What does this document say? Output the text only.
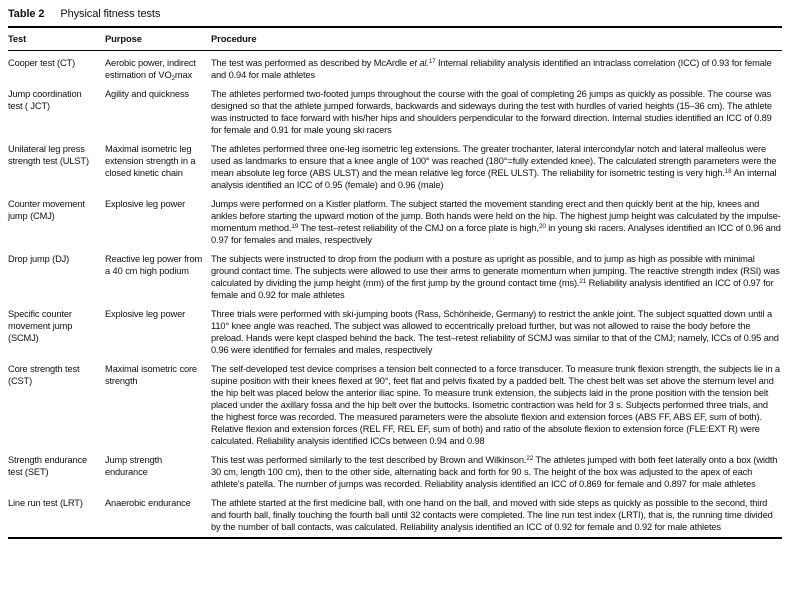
Table 2 Physical fitness tests
Test	Purpose	Procedure
Cooper test (CT)	Aerobic power, indirect estimation of $VO_2\max$	The test was performed as described by McArdle et al.$^{17}$ Internal reliability analysis identified an intraclass correlation (ICC) of 0.93 for female and 0.94 for male athletes
Jump coordination test ( JCT)	Agility and quickness	The athletes performed two-footed jumps throughout the course with the goal of completing 26 jumps as quickly as possible. The course was designed so that the athlete jumped forwards, backwards and sideways during the test with hurdles of varied heights (15–36 cm). The athlete was instructed to face forward with his/her hips and shoulders perpendicular to the forward direction. Internal studies identified an ICC of 0.89 for female and 0.91 for male young ski racers
Unilateral leg press strength test (ULST)	Maximal isometric leg extension strength in a closed kinetic chain	The athletes performed three one-leg isometric leg extensions. The greater trochanter, lateral intercondylar notch and lateral malleolus were used as landmarks to ensure that a knee angle of 100° was reached (180°=fully extended knee). The calculated strength parameters were the mean absolute leg force (ABS ULST) and the mean relative leg force (REL ULST). The reliability for isometric testing is very high.$^{18}$ An internal analysis identified an ICC of 0.95 (female) and 0.96 (male)
Counter movement jump (CMJ)	Explosive leg power	Jumps were performed on a Kistler platform. The subject started the movement standing erect and then quickly bent at the hip, knees and ankles before starting the upward motion of the jump. Both hands were held on the hip. The highest jump height was calculated by the impulse-momentum method.$^{19}$ The test–retest reliability of the CMJ on a force plate is high,$^{20}$ in young ski racers. Analyses identified an ICC of 0.96 and 0.97 for females and males, respectively
Drop jump (DJ)	Reactive leg power from a 40 cm high podium	The subjects were instructed to drop from the podium with a posture as upright as possible, and to jump as high as possible with minimal ground contact time. The subjects were allowed to use their arms to generate momentum when jumping. The reactive strength index (RSI) was calculated by dividing the jump height (mm) of the first jump by the ground contact time (ms).$^{21}$ Reliability analysis identified an ICC of 0.97 for female and 0.92 for male athletes
Specific counter movement jump (SCMJ)	Explosive leg power	Three trials were performed with ski-jumping boots (Rass, Schönheide, Germany) to restrict the ankle joint. The subject squatted down until a 110° knee angle was reached. The subject was allowed to eccentrically preload further, but was not allowed to raise the body before the preload. Hands were kept clasped behind the back. The test–retest reliability of SCMJ was similar to that of the CMJ; namely, ICCs of 0.95 and 0.96 were identified for females and males, respectively
Core strength test (CST)	Maximal isometric core strength	The self-developed test device comprises a tension belt connected to a force transducer. To measure trunk flexion strength, the subjects lie in a supine position with their knees flexed at 90°, feet flat and pelvis fixated by a padded belt. The chest belt was set above the sternum level and the hip belt was placed below the anterior iliac spine. To measure trunk extension, the subjects laid in the prone position with the tension belt placed under the axillary fossa and the hip belt over the buttocks. Isometric contraction was held for 3 s. Subjects performed three trials, and the highest force was recorded. The measured parameters were the absolute flexion and extension forces (ABS FF, ABS EF, sum of both). Relative flexion and extension forces (REL FF, REL EF, sum of both) and ratio of the absolute flexion to extension force (FLE:EXT R) were calculated. Reliability analysis identified ICCs between 0.94 and 0.98
Strength endurance test (SET)	Jump strength endurance	This test was performed similarly to the test described by Brown and Wilkinson.$^{22}$ The athletes jumped with both feet laterally onto a box (width 30 cm, length 100 cm), then to the other side, alternating back and forth for 90 s. The height of the box was adjusted to the apex of each athlete's patella. The number of jumps was recorded. Reliability analysis identified an ICC of 0.869 for female and 0.897 for male athletes
Line run test (LRT)	Anaerobic endurance	The athlete started at the first medicine ball, with one hand on the ball, and moved with side steps as quickly as possible to the second, third and fourth ball, finally touching the fourth ball until 32 contacts were completed. The line run test index (LRTI), that is, the running time divided by the number of ball contacts, was calculated. Reliability analysis identified an ICC of 0.92 for female and 0.92 for male athletes
